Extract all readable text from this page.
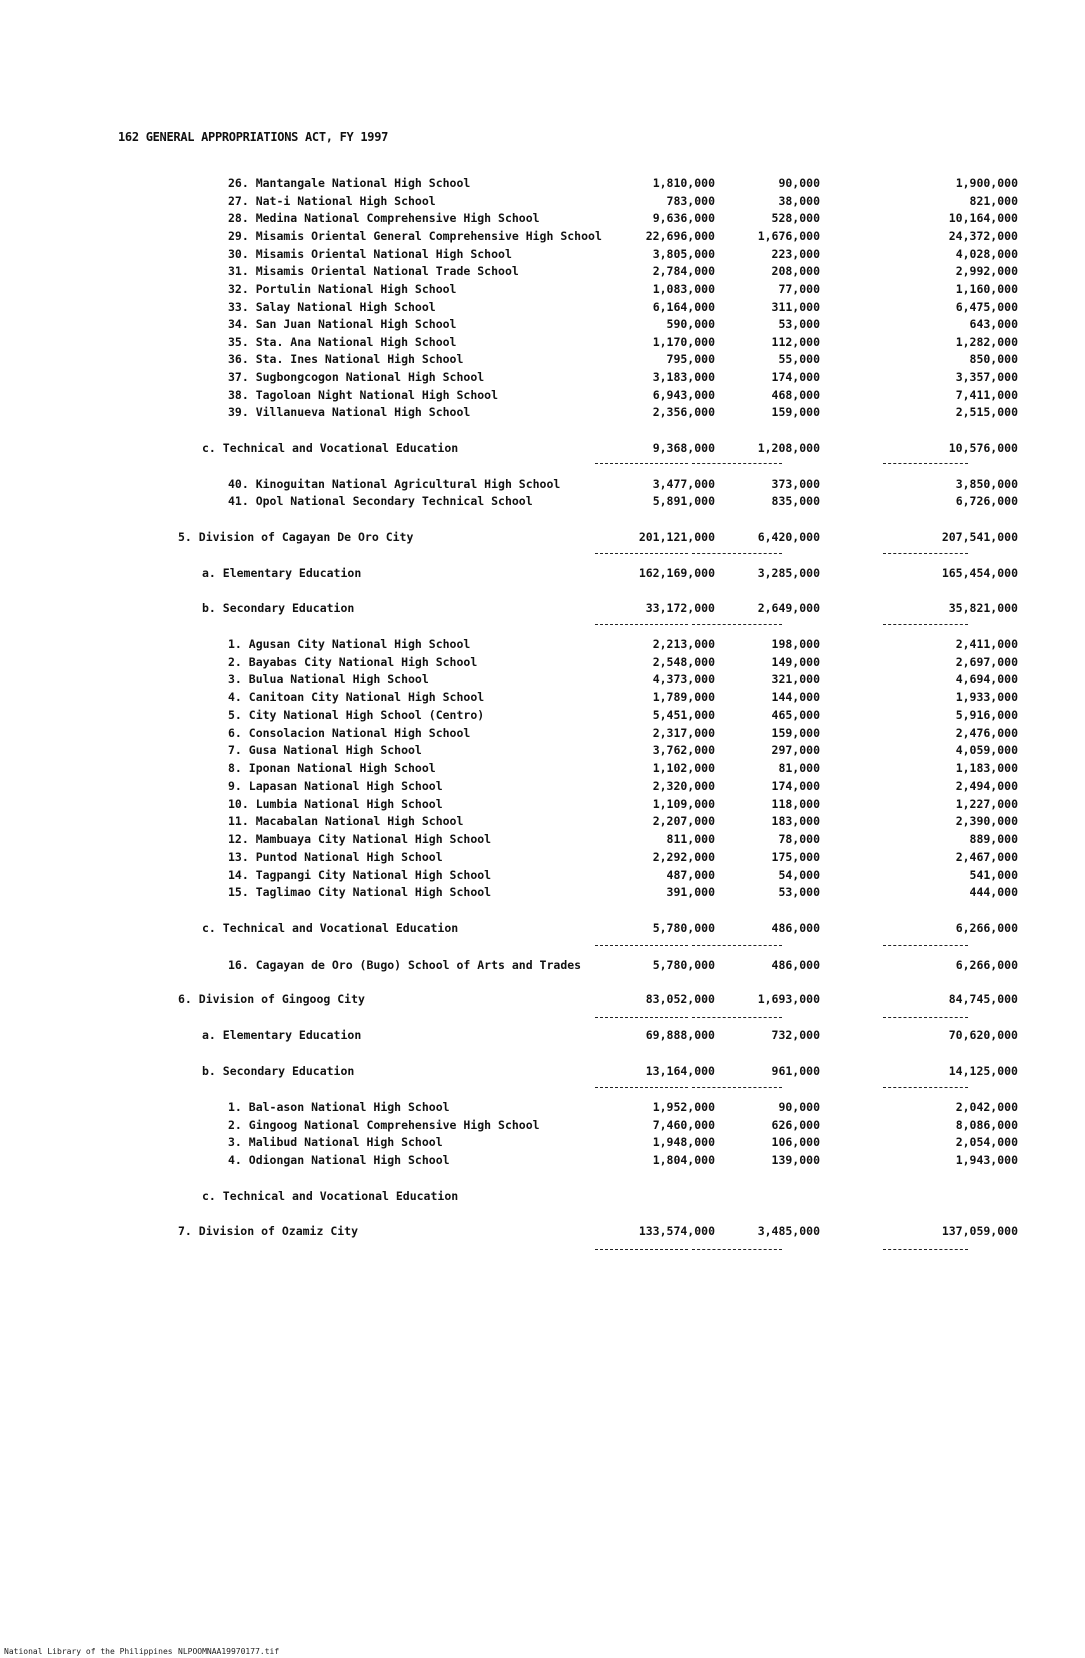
162 GENERAL APPROPRIATIONS ACT, FY 1997
26. Mantangale National High School	1,810,000	90,000	1,900,000
27. Nat-i National High School	783,000	38,000	821,000
28. Medina National Comprehensive High School	9,636,000	528,000	10,164,000
29. Misamis Oriental General Comprehensive High School	22,696,000	1,676,000	24,372,000
30. Misamis Oriental National High School	3,805,000	223,000	4,028,000
31. Misamis Oriental National Trade School	2,784,000	208,000	2,992,000
32. Portulin National High School	1,083,000	77,000	1,160,000
33. Salay National High School	6,164,000	311,000	6,475,000
34. San Juan National High School	590,000	53,000	643,000
35. Sta. Ana National High School	1,170,000	112,000	1,282,000
36. Sta. Ines National High School	795,000	55,000	850,000
37. Sugbongcogon National High School	3,183,000	174,000	3,357,000
38. Tagoloan Night National High School	6,943,000	468,000	7,411,000
39. Villanueva National High School	2,356,000	159,000	2,515,000
c. Technical and Vocational Education	9,368,000	1,208,000	10,576,000
40. Kinoguitan National Agricultural High School	3,477,000	373,000	3,850,000
41. Opol National Secondary Technical School	5,891,000	835,000	6,726,000
5. Division of Cagayan De Oro City	201,121,000	6,420,000	207,541,000
a. Elementary Education	162,169,000	3,285,000	165,454,000
b. Secondary Education	33,172,000	2,649,000	35,821,000
1. Agusan City National High School	2,213,000	198,000	2,411,000
2. Bayabas City National High School	2,548,000	149,000	2,697,000
3. Bulua National High School	4,373,000	321,000	4,694,000
4. Canitoan City National High School	1,789,000	144,000	1,933,000
5. City National High School (Centro)	5,451,000	465,000	5,916,000
6. Consolacion National High School	2,317,000	159,000	2,476,000
7. Gusa National High School	3,762,000	297,000	4,059,000
8. Iponan National High School	1,102,000	81,000	1,183,000
9. Lapasan National High School	2,320,000	174,000	2,494,000
10. Lumbia National High School	1,109,000	118,000	1,227,000
11. Macabalan National High School	2,207,000	183,000	2,390,000
12. Mambuaya City National High School	811,000	78,000	889,000
13. Puntod National High School	2,292,000	175,000	2,467,000
14. Tagpangi City National High School	487,000	54,000	541,000
15. Taglimao City National High School	391,000	53,000	444,000
c. Technical and Vocational Education	5,780,000	486,000	6,266,000
16. Cagayan de Oro (Bugo) School of Arts and Trades	5,780,000	486,000	6,266,000
6. Division of Gingoog City	83,052,000	1,693,000	84,745,000
a. Elementary Education	69,888,000	732,000	70,620,000
b. Secondary Education	13,164,000	961,000	14,125,000
1. Bal-ason National High School	1,952,000	90,000	2,042,000
2. Gingoog National Comprehensive High School	7,460,000	626,000	8,086,000
3. Malibud National High School	1,948,000	106,000	2,054,000
4. Odiongan National High School	1,804,000	139,000	1,943,000
c. Technical and Vocational Education
7. Division of Ozamiz City	133,574,000	3,485,000	137,059,000
National Library of the Philippines NLPOOMNAA19970177.tif
